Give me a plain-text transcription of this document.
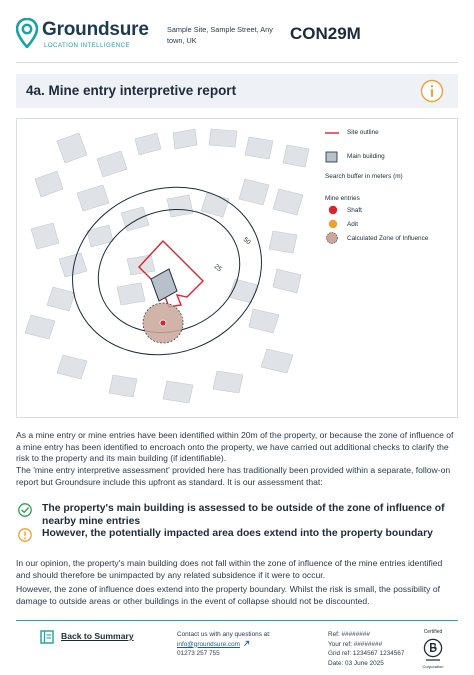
Groundsure
LOCATION INTELLIGENCE
Sample Site, Sample Street, Any town, UK	CON29M
4a. Mine entry interpretive report
50
25
Site outline
Main building
Search buffer in meters (m)
Mine entries
Shaft
Adit
Calculated Zone of Influence
As a mine entry or mine entries have been identified within 20m of the property, or because the zone of influence of a mine entry has been identified to encroach onto the property, we have carried out additional checks to clarify the risk to the property and its main building (if identifiable).
The 'mine entry interpretive assessment' provided here has traditionally been provided within a separate, follow-on report but Groundsure include this upfront as standard. It is our assessment that:
The property's main building is assessed to be outside of the zone of influence of nearby mine entries
However, the potentially impacted area does extend into the property boundary
In our opinion, the property's main building does not fall within the zone of influence of the mine entries identified and should therefore be unimpacted by any related subsidence if it were to occur.
However, the zone of influence does extend into the property boundary. Whilst the risk is small, the possibility of damage to outside areas or other buildings in the event of collapse should not be discounted.
Back to Summary	Contact us with any questions at:
info@groundsure.com
01273 257 755
Ref: ########
Your ref: ########
Grid ref: 1234567 1234567
Date: 03 June 2025
Certified
Corporation
